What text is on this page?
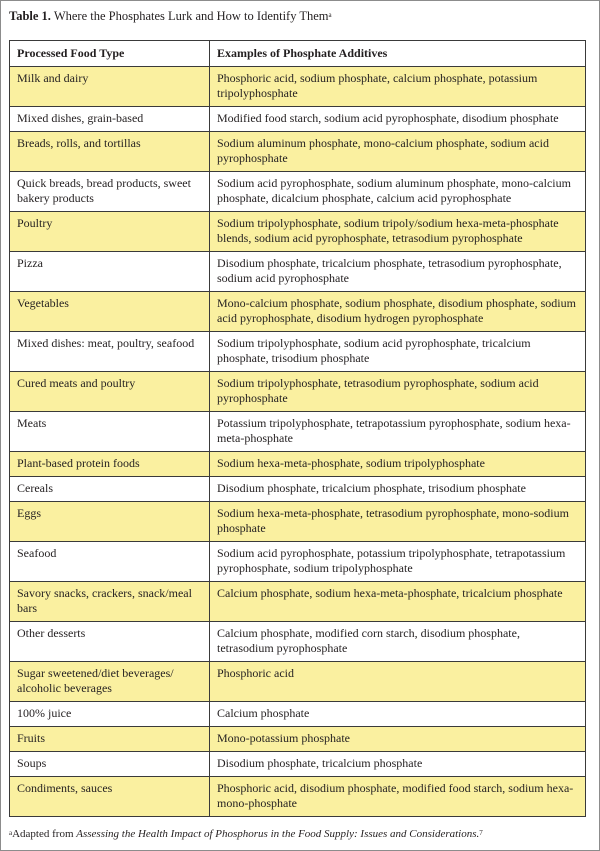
Table 1. Where the Phosphates Lurk and How to Identify Them$^a$
Processed Food Type	Examples of Phosphate Additives
Milk and dairy	Phosphoric acid, sodium phosphate, calcium phosphate, potassium tripolyphosphate
Mixed dishes, grain-based	Modified food starch, sodium acid pyrophosphate, disodium phosphate
Breads, rolls, and tortillas	Sodium aluminum phosphate, mono-calcium phosphate, sodium acid pyrophosphate
Quick breads, bread products, sweet bakery products	Sodium acid pyrophosphate, sodium aluminum phosphate, mono-calcium phosphate, dicalcium phosphate, calcium acid pyrophosphate
Poultry	Sodium tripolyphosphate, sodium tripoly/sodium hexa-meta-phosphate blends, sodium acid pyrophosphate, tetrasodium pyrophosphate
Pizza	Disodium phosphate, tricalcium phosphate, tetrasodium pyrophosphate, sodium acid pyrophosphate
Vegetables	Mono-calcium phosphate, sodium phosphate, disodium phosphate, sodium acid pyrophosphate, disodium hydrogen pyrophosphate
Mixed dishes: meat, poultry, seafood	Sodium tripolyphosphate, sodium acid pyrophosphate, tricalcium phosphate, trisodium phosphate
Cured meats and poultry	Sodium tripolyphosphate, tetrasodium pyrophosphate, sodium acid pyrophosphate
Meats	Potassium tripolyphosphate, tetrapotassium pyrophosphate, sodium hexa-meta-phosphate
Plant-based protein foods	Sodium hexa-meta-phosphate, sodium tripolyphosphate
Cereals	Disodium phosphate, tricalcium phosphate, trisodium phosphate
Eggs	Sodium hexa-meta-phosphate, tetrasodium pyrophosphate, mono-sodium phosphate
Seafood	Sodium acid pyrophosphate, potassium tripolyphosphate, tetrapotassium pyrophosphate, sodium tripolyphosphate
Savory snacks, crackers, snack/meal bars	Calcium phosphate, sodium hexa-meta-phosphate, tricalcium phosphate
Other desserts	Calcium phosphate, modified corn starch, disodium phosphate, tetrasodium pyrophosphate
Sugar sweetened/diet beverages/ alcoholic beverages	Phosphoric acid
100% juice	Calcium phosphate
Fruits	Mono-potassium phosphate
Soups	Disodium phosphate, tricalcium phosphate
Condiments, sauces	Phosphoric acid, disodium phosphate, modified food starch, sodium hexa-mono-phosphate
$^a$Adapted from Assessing the Health Impact of Phosphorus in the Food Supply: Issues and Considerations.$^7$
